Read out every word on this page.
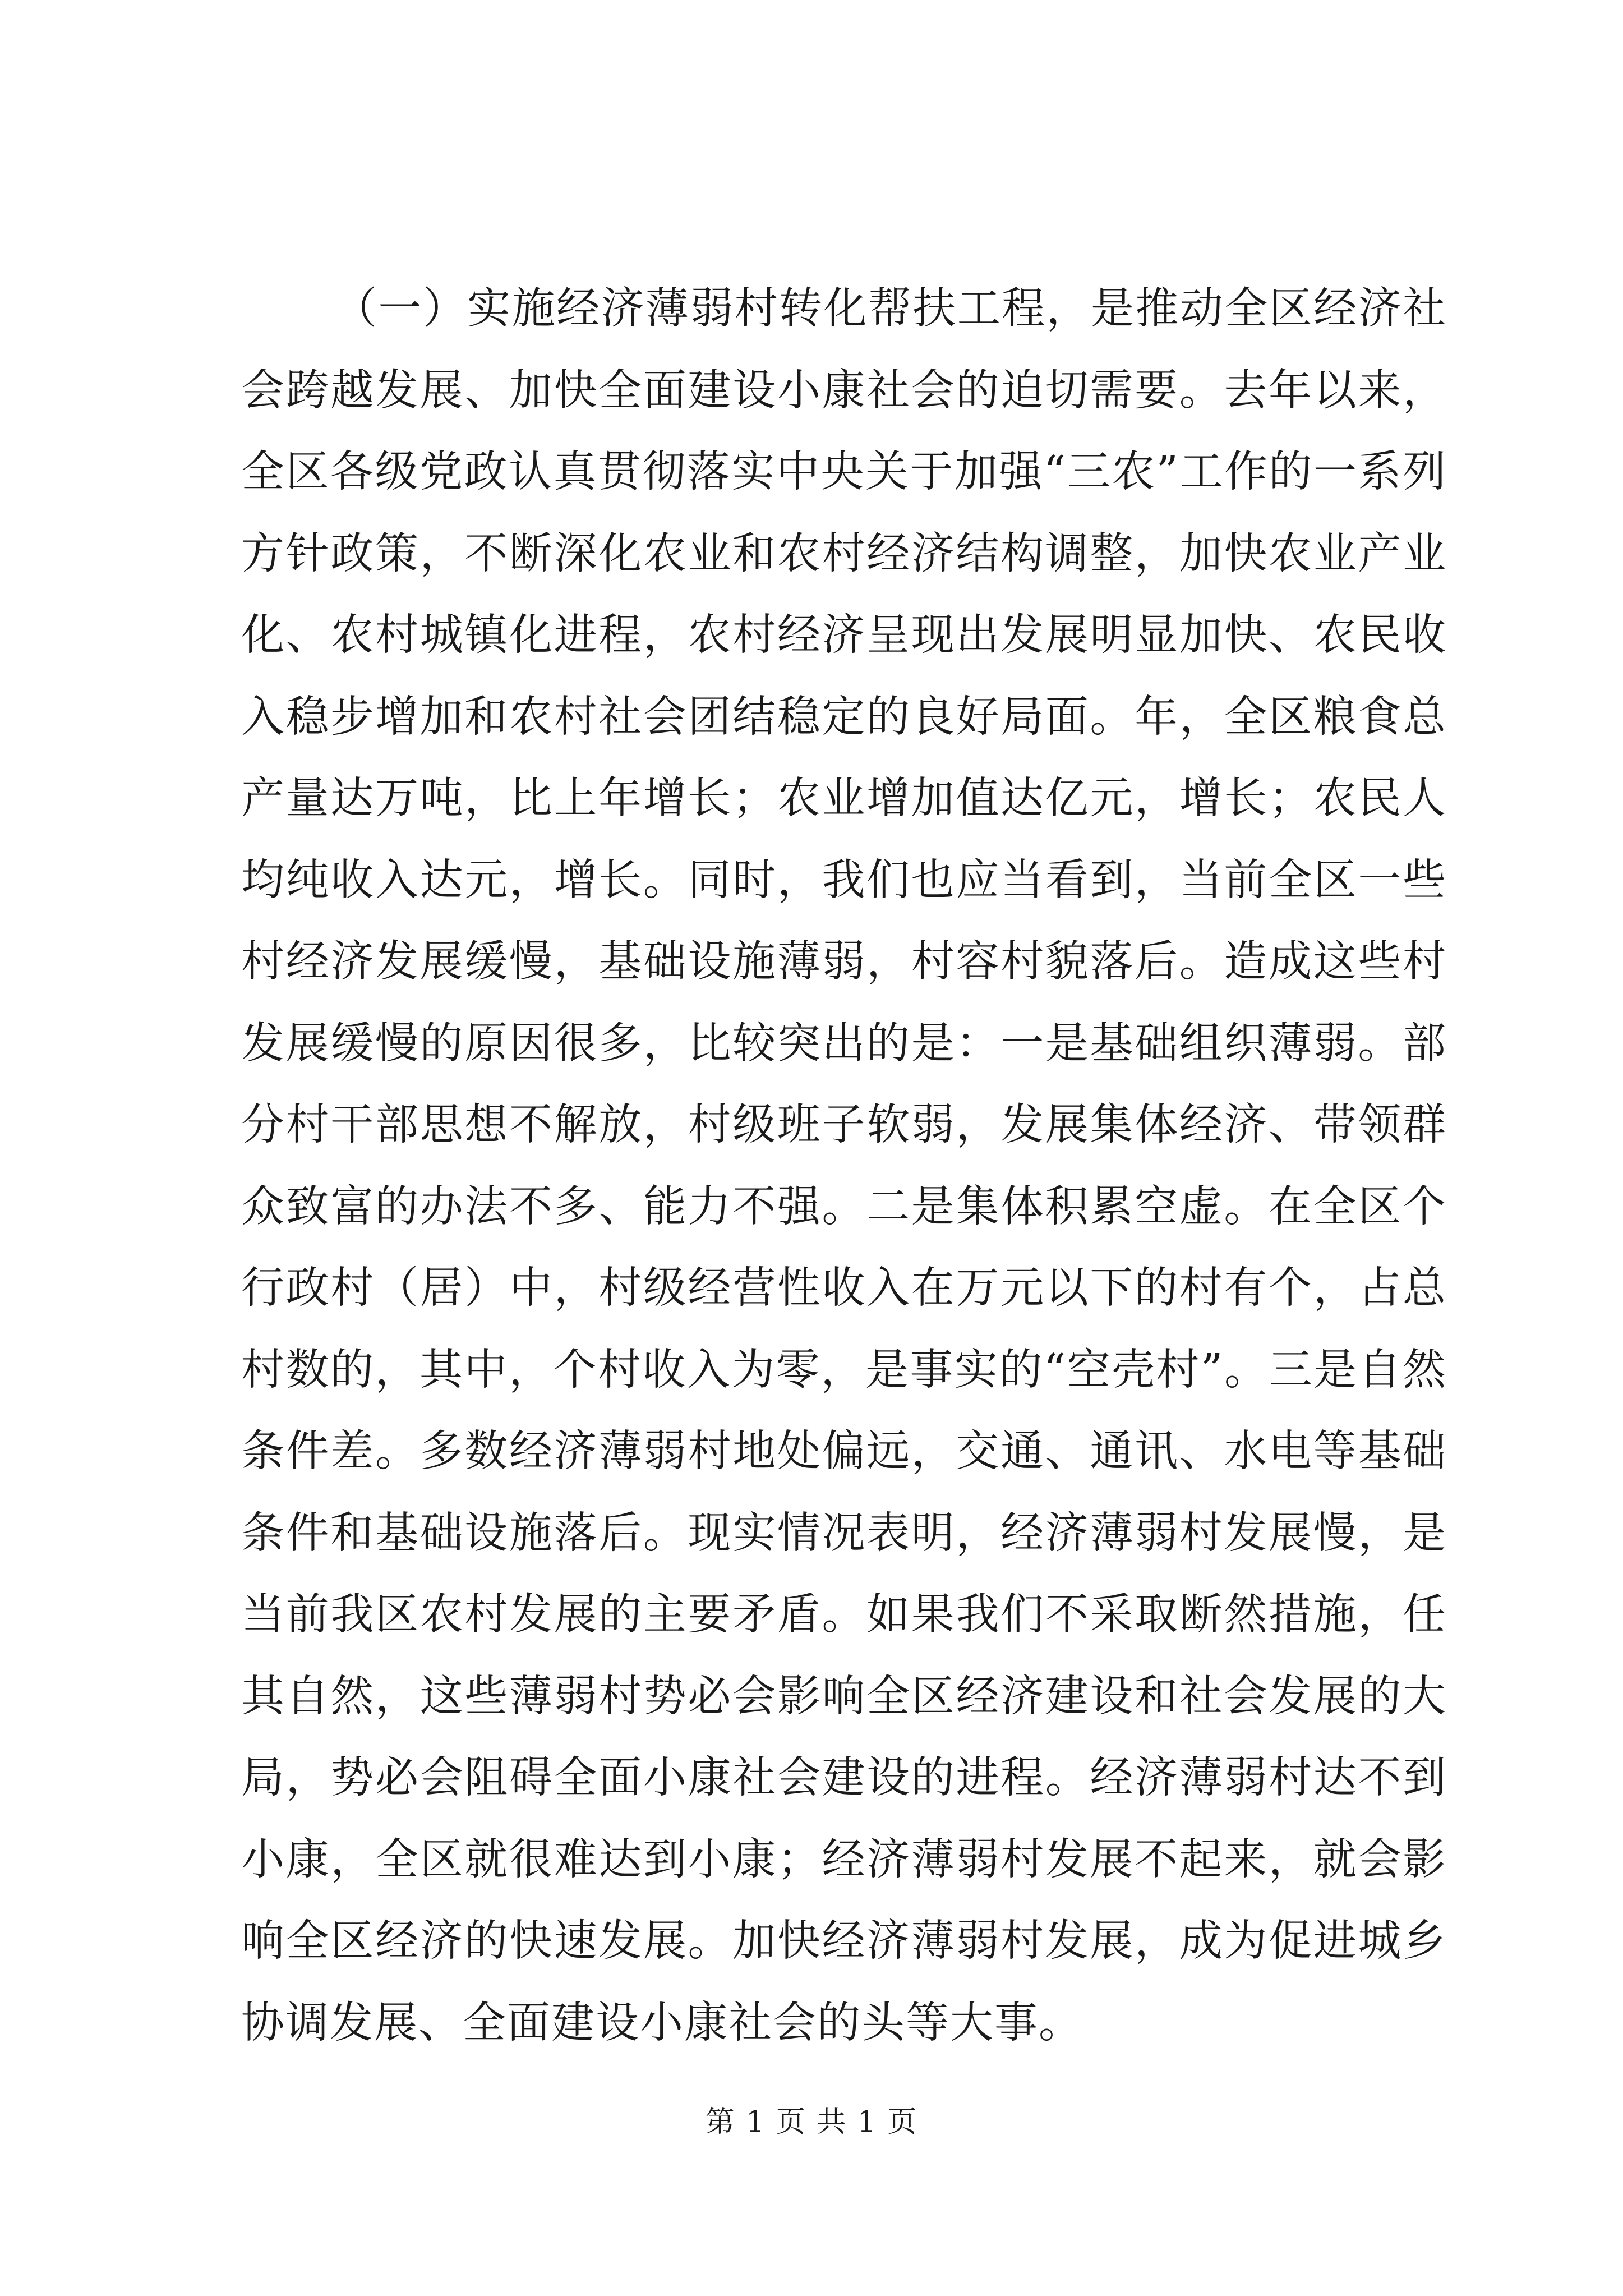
（一）实施经济薄弱村转化帮扶工程，是推动全区经济社会跨越发展、加快全面建设小康社会的迫切需要。去年以来，全区各级党政认真贯彻落实中央关于加强“三农”工作的一系列方针政策，不断深化农业和农村经济结构调整，加快农业产业化、农村城镇化进程，农村经济呈现出发展明显加快、农民收入稳步增加和农村社会团结稳定的良好局面。年，全区粮食总产量达万吨，比上年增长；农业增加值达亿元，增长；农民人均纯收入达元，增长。同时，我们也应当看到，当前全区一些村经济发展缓慢，基础设施薄弱，村容村貌落后。造成这些村发展缓慢的原因很多，比较突出的是：一是基础组织薄弱。部分村干部思想不解放，村级班子软弱，发展集体经济、带领群众致富的办法不多、能力不强。二是集体积累空虚。在全区个行政村（居）中，村级经营性收入在万元以下的村有个，占总村数的，其中，个村收入为零，是事实的“空壳村”。三是自然条件差。多数经济薄弱村地处偏远，交通、通讯、水电等基础条件和基础设施落后。现实情况表明，经济薄弱村发展慢，是当前我区农村发展的主要矛盾。如果我们不采取断然措施，任其自然，这些薄弱村势必会影响全区经济建设和社会发展的大局，势必会阻碍全面小康社会建设的进程。经济薄弱村达不到小康，全区就很难达到小康；经济薄弱村发展不起来，就会影响全区经济的快速发展。加快经济薄弱村发展，成为促进城乡协调发展、全面建设小康社会的头等大事。

第 1 页 共 1 页
